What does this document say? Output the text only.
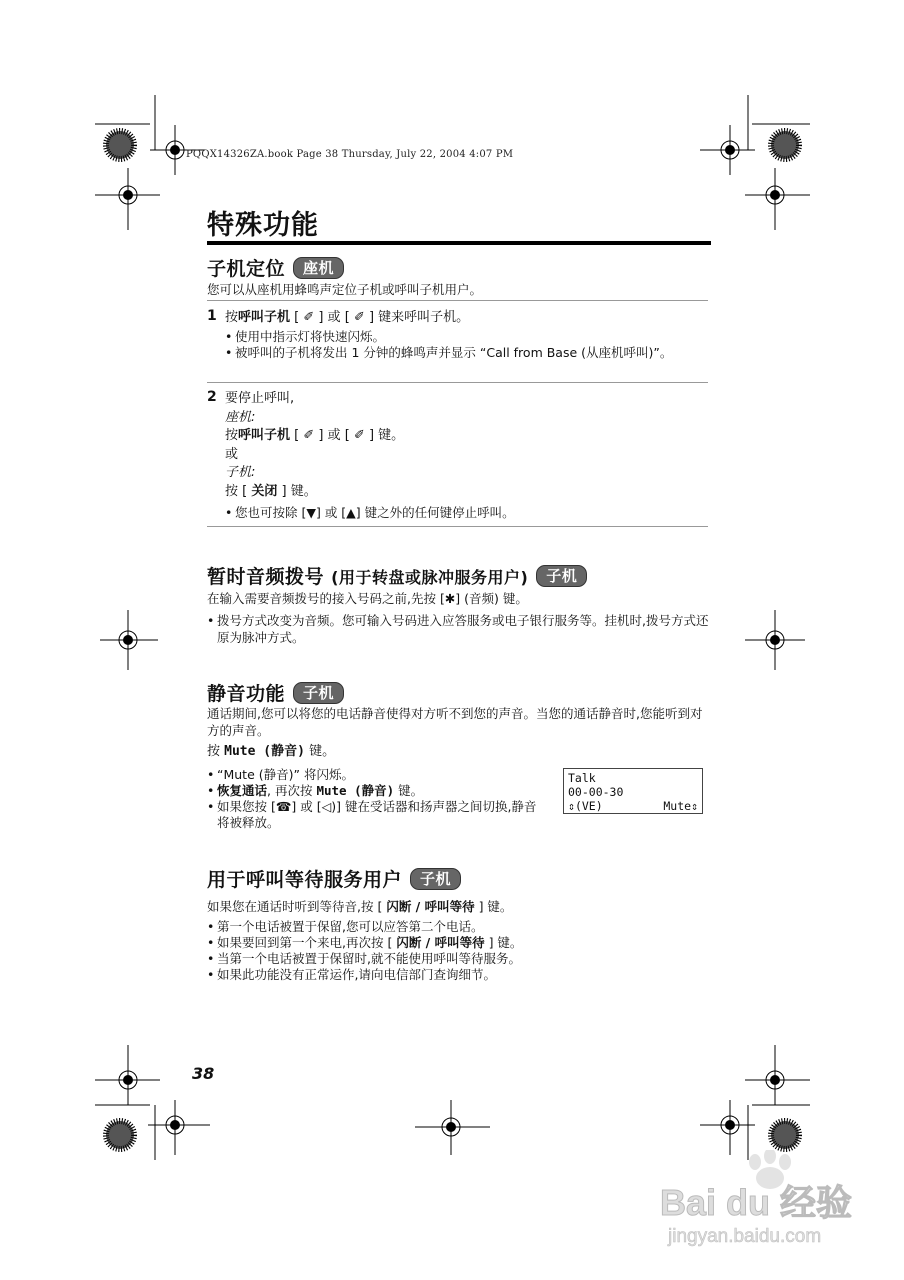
PQQX14326ZA.book Page 38 Thursday, July 22, 2004 4:07 PM
特殊功能
子机定位 座机
您可以从座机用蜂鸣声定位子机或呼叫子机用户。
1 按呼叫子机 [ ✐ ] 或 [ ✐ ] 键来呼叫子机。
• 使用中指示灯将快速闪烁。
• 被呼叫的子机将发出 1 分钟的蜂鸣声并显示 “Call from Base (从座机呼叫)”。
2 要停止呼叫,
座机:
按呼叫子机 [ ✐ ] 或 [ ✐ ] 键。
或
子机:
按 [ 关闭 ] 键。
• 您也可按除 [▼] 或 [▲] 键之外的任何键停止呼叫。
暂时音频拨号 (用于转盘或脉冲服务用户) 子机
在输入需要音频拨号的接入号码之前,先按 [✱] (音频) 键。
• 拨号方式改变为音频。您可输入号码进入应答服务或电子银行服务等。挂机时,拨号方式还原为脉冲方式。
静音功能 子机
通话期间,您可以将您的电话静音使得对方听不到您的声音。当您的通话静音时,您能听到对方的声音。
按 Mute (静音) 键。
• “Mute (静音)” 将闪烁。
• 恢复通话, 再次按 Mute (静音) 键。
• 如果您按 [☎] 或 [◁)] 键在受话器和扬声器之间切换,静音将被释放。
Talk
00-00-30
⇕(VE)	Mute⇕
用于呼叫等待服务用户 子机
如果您在通话时听到等待音,按 [ 闪断 / 呼叫等待 ] 键。
• 第一个电话被置于保留,您可以应答第二个电话。
• 如果要回到第一个来电,再次按 [ 闪断 / 呼叫等待 ] 键。
• 当第一个电话被置于保留时,就不能使用呼叫等待服务。
• 如果此功能没有正常运作,请向电信部门查询细节。
38
Bai du 经验
jingyan.baidu.com
